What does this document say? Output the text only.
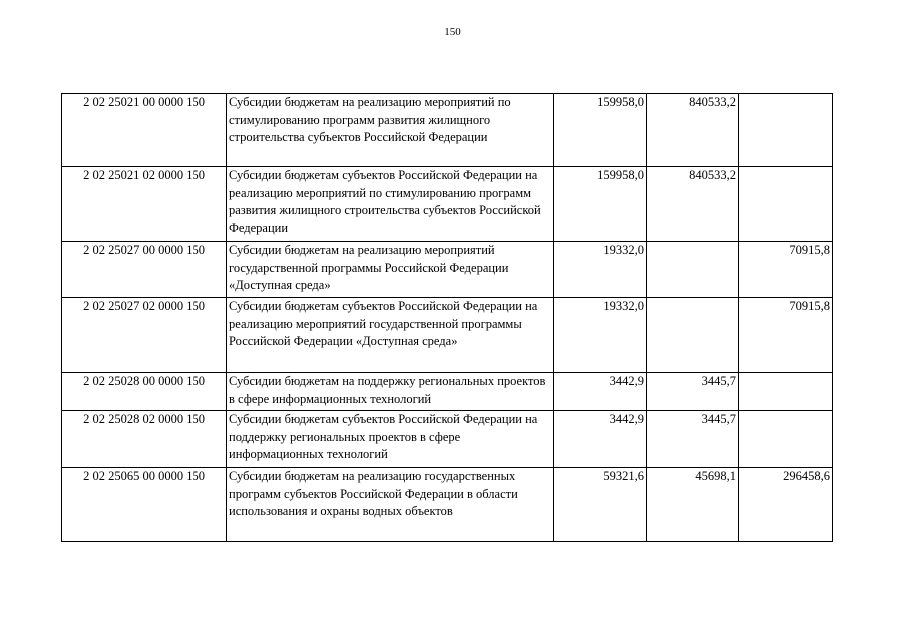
150
2 02 25021 00 0000 150	Субсидии бюджетам на реализацию мероприятий по стимулированию программ развития жилищного строительства субъектов Российской Федерации	159958,0	840533,2	
2 02 25021 02 0000 150	Субсидии бюджетам субъектов Российской Федерации на реализацию мероприятий по стимулированию программ развития жилищного строительства субъектов Российской Федерации	159958,0	840533,2	
2 02 25027 00 0000 150	Субсидии бюджетам на реализацию мероприятий государственной программы Российской Федерации «Доступная среда»	19332,0		70915,8
2 02 25027 02 0000 150	Субсидии бюджетам субъектов Российской Федерации на реализацию мероприятий государственной программы Российской Федерации «Доступная среда»	19332,0		70915,8
2 02 25028 00 0000 150	Субсидии бюджетам на поддержку региональных проектов в сфере информационных технологий	3442,9	3445,7	
2 02 25028 02 0000 150	Субсидии бюджетам субъектов Российской Федерации на поддержку региональных проектов в сфере информационных технологий	3442,9	3445,7	
2 02 25065 00 0000 150	Субсидии бюджетам на реализацию государственных программ субъектов Российской Федерации в области использования и охраны водных объектов	59321,6	45698,1	296458,6
